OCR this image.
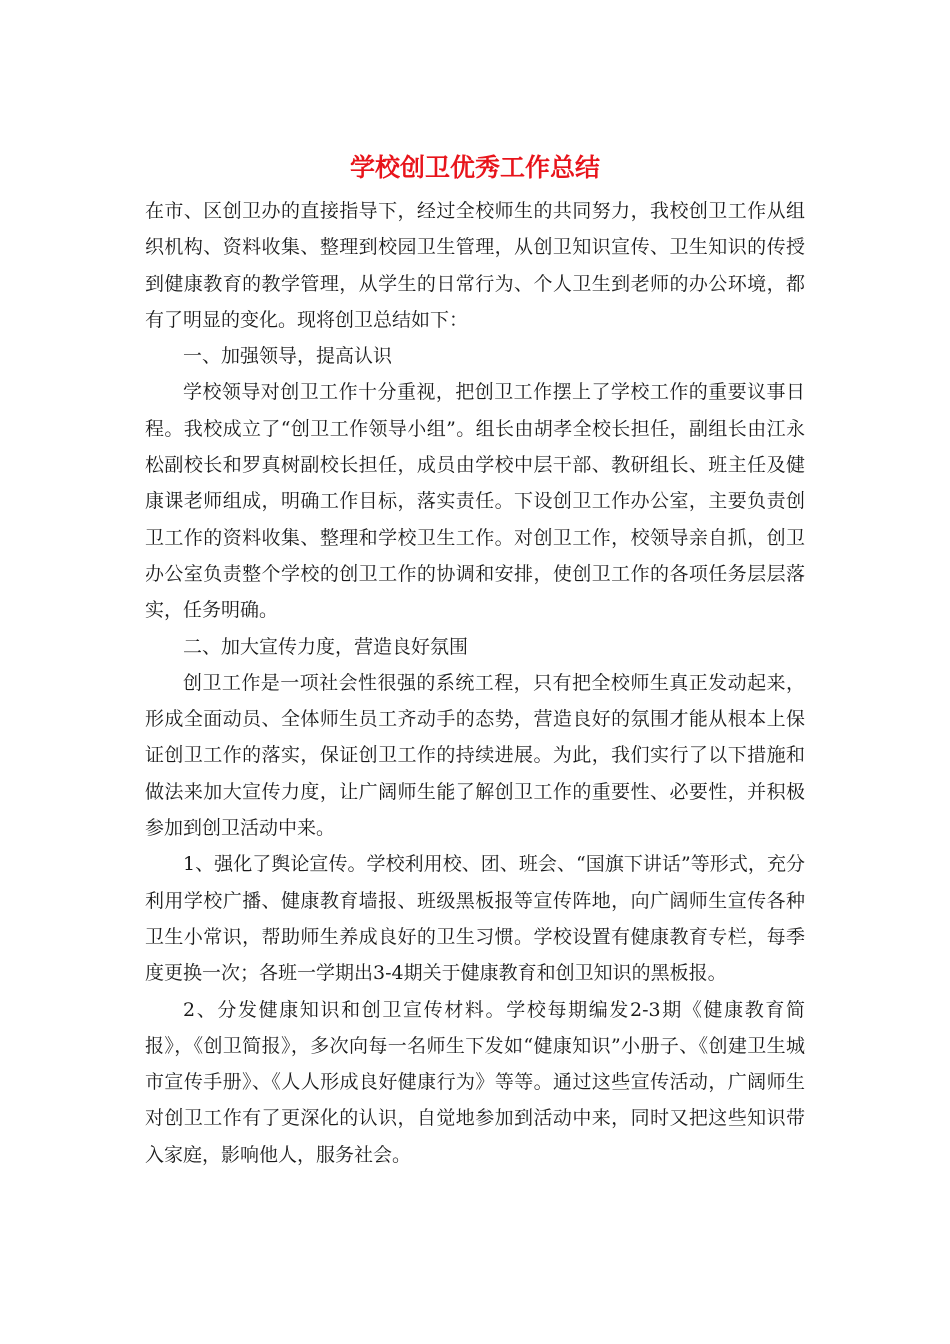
学校创卫优秀工作总结

在市、区创卫办的直接指导下，经过全校师生的共同努力，我校创卫工作从组织机构、资料收集、整理到校园卫生管理，从创卫知识宣传、卫生知识的传授到健康教育的教学管理，从学生的日常行为、个人卫生到老师的办公环境，都有了明显的变化。现将创卫总结如下：

一、加强领导，提高认识

学校领导对创卫工作十分重视，把创卫工作摆上了学校工作的重要议事日程。我校成立了“创卫工作领导小组”。组长由胡孝全校长担任，副组长由江永松副校长和罗真树副校长担任，成员由学校中层干部、教研组长、班主任及健康课老师组成，明确工作目标，落实责任。下设创卫工作办公室，主要负责创卫工作的资料收集、整理和学校卫生工作。对创卫工作，校领导亲自抓，创卫办公室负责整个学校的创卫工作的协调和安排，使创卫工作的各项任务层层落实，任务明确。

二、加大宣传力度，营造良好氛围

创卫工作是一项社会性很强的系统工程，只有把全校师生真正发动起来，形成全面动员、全体师生员工齐动手的态势，营造良好的氛围才能从根本上保证创卫工作的落实，保证创卫工作的持续进展。为此，我们实行了以下措施和做法来加大宣传力度，让广阔师生能了解创卫工作的重要性、必要性，并积极参加到创卫活动中来。

1、强化了舆论宣传。学校利用校、团、班会、“国旗下讲话”等形式，充分利用学校广播、健康教育墙报、班级黑板报等宣传阵地，向广阔师生宣传各种卫生小常识，帮助师生养成良好的卫生习惯。学校设置有健康教育专栏，每季度更换一次；各班一学期出3-4期关于健康教育和创卫知识的黑板报。

2、分发健康知识和创卫宣传材料。学校每期编发2-3期《健康教育简报》，《创卫简报》，多次向每一名师生下发如“健康知识”小册子、《创建卫生城市宣传手册》、《人人形成良好健康行为》等等。通过这些宣传活动，广阔师生对创卫工作有了更深化的认识，自觉地参加到活动中来，同时又把这些知识带入家庭，影响他人，服务社会。
